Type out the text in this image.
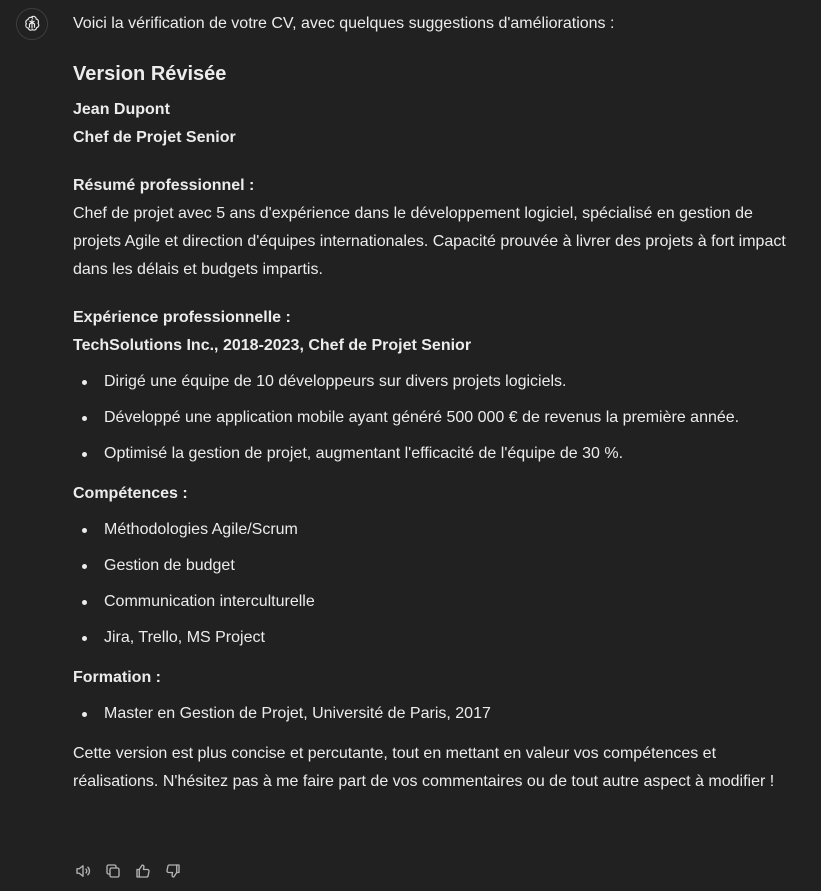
Voici la vérification de votre CV, avec quelques suggestions d'améliorations :

Version Révisée

Jean Dupont

Chef de Projet Senior

Résumé professionnel :

Chef de projet avec 5 ans d'expérience dans le développement logiciel, spécialisé en gestion de projets Agile et direction d'équipes internationales. Capacité prouvée à livrer des projets à fort impact dans les délais et budgets impartis.

Expérience professionnelle :

TechSolutions Inc., 2018-2023, Chef de Projet Senior

Dirigé une équipe de 10 développeurs sur divers projets logiciels.
Développé une application mobile ayant généré 500 000 € de revenus la première année.
Optimisé la gestion de projet, augmentant l'efficacité de l'équipe de 30 %.

Compétences :

Méthodologies Agile/Scrum
Gestion de budget
Communication interculturelle
Jira, Trello, MS Project

Formation :

Master en Gestion de Projet, Université de Paris, 2017

Cette version est plus concise et percutante, tout en mettant en valeur vos compétences et réalisations. N'hésitez pas à me faire part de vos commentaires ou de tout autre aspect à modifier !
